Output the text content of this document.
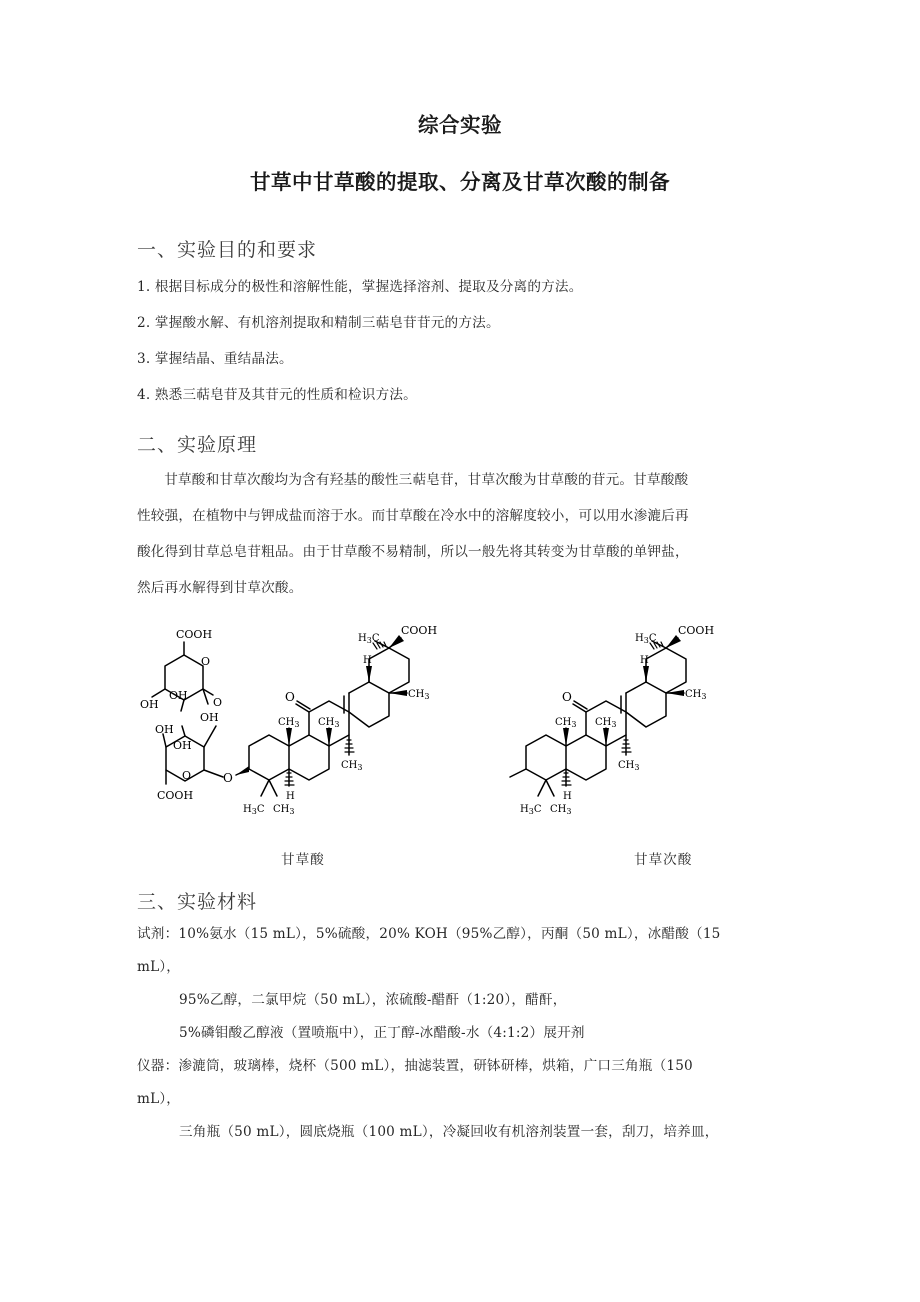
综合实验
甘草中甘草酸的提取、分离及甘草次酸的制备
一、实验目的和要求
1. 根据目标成分的极性和溶解性能，掌握选择溶剂、提取及分离的方法。
2. 掌握酸水解、有机溶剂提取和精制三萜皂苷苷元的方法。
3. 掌握结晶、重结晶法。
4. 熟悉三萜皂苷及其苷元的性质和检识方法。
二、实验原理
甘草酸和甘草次酸均为含有羟基的酸性三萜皂苷，甘草次酸为甘草酸的苷元。甘草酸酸
性较强，在植物中与钾成盐而溶于水。而甘草酸在冷水中的溶解度较小，可以用水渗漉后再
酸化得到甘草总皂苷粗品。由于甘草酸不易精制，所以一般先将其转变为甘草酸的单钾盐，
然后再水解得到甘草次酸。
COOH
O
OH
OH
OH
O
OH
OH
O
COOH
O
$H_3C$ $CH_3$
$CH_3$
H
O
$CH_3$
$CH_3$
H
$CH_3$
$H_3C$
COOH
$H_3C$ $CH_3$
$CH_3$
H
O
$CH_3$
$CH_3$
H
$CH_3$
$H_3C$
COOH
甘草酸	甘草次酸
三、实验材料
试剂：10%氨水（15 mL），5%硫酸，20% KOH（95%乙醇），丙酮（50 mL），冰醋酸（15
mL），
95%乙醇，二氯甲烷（50 mL），浓硫酸-醋酐（1:20），醋酐，
5%磷钼酸乙醇液（置喷瓶中），正丁醇-冰醋酸-水（4:1:2）展开剂
仪器：渗漉筒，玻璃棒，烧杯（500 mL），抽滤装置，研钵研棒，烘箱，广口三角瓶（150
mL），
三角瓶（50 mL），圆底烧瓶（100 mL），冷凝回收有机溶剂装置一套，刮刀，培养皿，
